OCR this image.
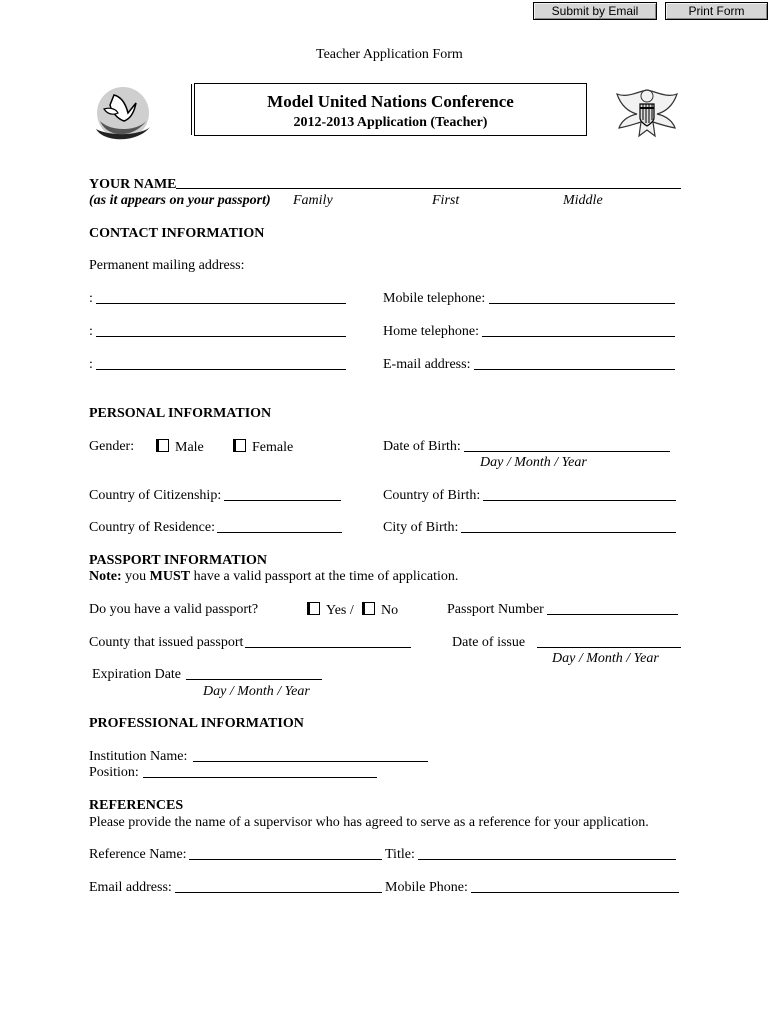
Submit by Email	Print Form
Teacher Application Form
Model United Nations Conference
2012-2013 Application (Teacher)
YOUR NAME
(as it appears on your passport) Family	First	Middle
CONTACT INFORMATION
Permanent mailing address:
:	Mobile telephone:
:	Home telephone:
:	E-mail address:
PERSONAL INFORMATION
Gender:	Male	Female	Date of Birth:
Day / Month / Year
Country of Citizenship:	Country of Birth:
Country of Residence:	City of Birth:
PASSPORT INFORMATION
Note: you MUST have a valid passport at the time of application.
Do you have a valid passport?	Yes /	No	Passport Number
County that issued passport	Date of issue
Day / Month / Year
Expiration Date
Day / Month / Year
PROFESSIONAL INFORMATION
Institution Name:
Position:
REFERENCES
Please provide the name of a supervisor who has agreed to serve as a reference for your application.
Reference Name:	Title:
Email address:	Mobile Phone:
